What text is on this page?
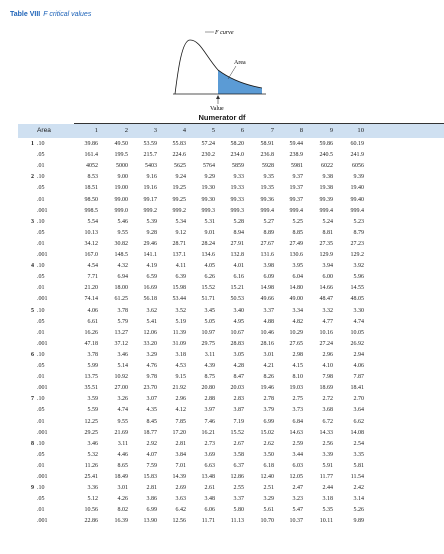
Table VIII F critical values
F curve
Area
Value
Numerator df
Area	1	2	3	4	5	6	7	8	9	10
1 .10	39.86	49.50	53.59	55.83	57.24	58.20	58.91	59.44	59.86	60.19
.05	161.4	199.5	215.7	224.6	230.2	234.0	236.8	238.9	240.5	241.9
.01	4052	5000	5403	5625	5764	5859	5928	5981	6022	6056
2 .10	8.53	9.00	9.16	9.24	9.29	9.33	9.35	9.37	9.38	9.39
.05	18.51	19.00	19.16	19.25	19.30	19.33	19.35	19.37	19.38	19.40
.01	98.50	99.00	99.17	99.25	99.30	99.33	99.36	99.37	99.39	99.40
.001	998.5	999.0	999.2	999.2	999.3	999.3	999.4	999.4	999.4	999.4
3 .10	5.54	5.46	5.39	5.34	5.31	5.28	5.27	5.25	5.24	5.23
.05	10.13	9.55	9.28	9.12	9.01	8.94	8.89	8.85	8.81	8.79
.01	34.12	30.82	29.46	28.71	28.24	27.91	27.67	27.49	27.35	27.23
.001	167.0	148.5	141.1	137.1	134.6	132.8	131.6	130.6	129.9	129.2
4 .10	4.54	4.32	4.19	4.11	4.05	4.01	3.98	3.95	3.94	3.92
.05	7.71	6.94	6.59	6.39	6.26	6.16	6.09	6.04	6.00	5.96
.01	21.20	18.00	16.69	15.98	15.52	15.21	14.98	14.80	14.66	14.55
.001	74.14	61.25	56.18	53.44	51.71	50.53	49.66	49.00	48.47	48.05
5 .10	4.06	3.78	3.62	3.52	3.45	3.40	3.37	3.34	3.32	3.30
.05	6.61	5.79	5.41	5.19	5.05	4.95	4.88	4.82	4.77	4.74
.01	16.26	13.27	12.06	11.39	10.97	10.67	10.46	10.29	10.16	10.05
.001	47.18	37.12	33.20	31.09	29.75	28.83	28.16	27.65	27.24	26.92
6 .10	3.78	3.46	3.29	3.18	3.11	3.05	3.01	2.98	2.96	2.94
.05	5.99	5.14	4.76	4.53	4.39	4.28	4.21	4.15	4.10	4.06
.01	13.75	10.92	9.78	9.15	8.75	8.47	8.26	8.10	7.98	7.87
.001	35.51	27.00	23.70	21.92	20.80	20.03	19.46	19.03	18.69	18.41
7 .10	3.59	3.26	3.07	2.96	2.88	2.83	2.78	2.75	2.72	2.70
.05	5.59	4.74	4.35	4.12	3.97	3.87	3.79	3.73	3.68	3.64
.01	12.25	9.55	8.45	7.85	7.46	7.19	6.99	6.84	6.72	6.62
.001	29.25	21.69	18.77	17.20	16.21	15.52	15.02	14.63	14.33	14.08
8 .10	3.46	3.11	2.92	2.81	2.73	2.67	2.62	2.59	2.56	2.54
.05	5.32	4.46	4.07	3.84	3.69	3.58	3.50	3.44	3.39	3.35
.01	11.26	8.65	7.59	7.01	6.63	6.37	6.18	6.03	5.91	5.81
.001	25.41	18.49	15.83	14.39	13.48	12.86	12.40	12.05	11.77	11.54
9 .10	3.36	3.01	2.81	2.69	2.61	2.55	2.51	2.47	2.44	2.42
.05	5.12	4.26	3.86	3.63	3.48	3.37	3.29	3.23	3.18	3.14
.01	10.56	8.02	6.99	6.42	6.06	5.80	5.61	5.47	5.35	5.26
.001	22.86	16.39	13.90	12.56	11.71	11.13	10.70	10.37	10.11	9.89
